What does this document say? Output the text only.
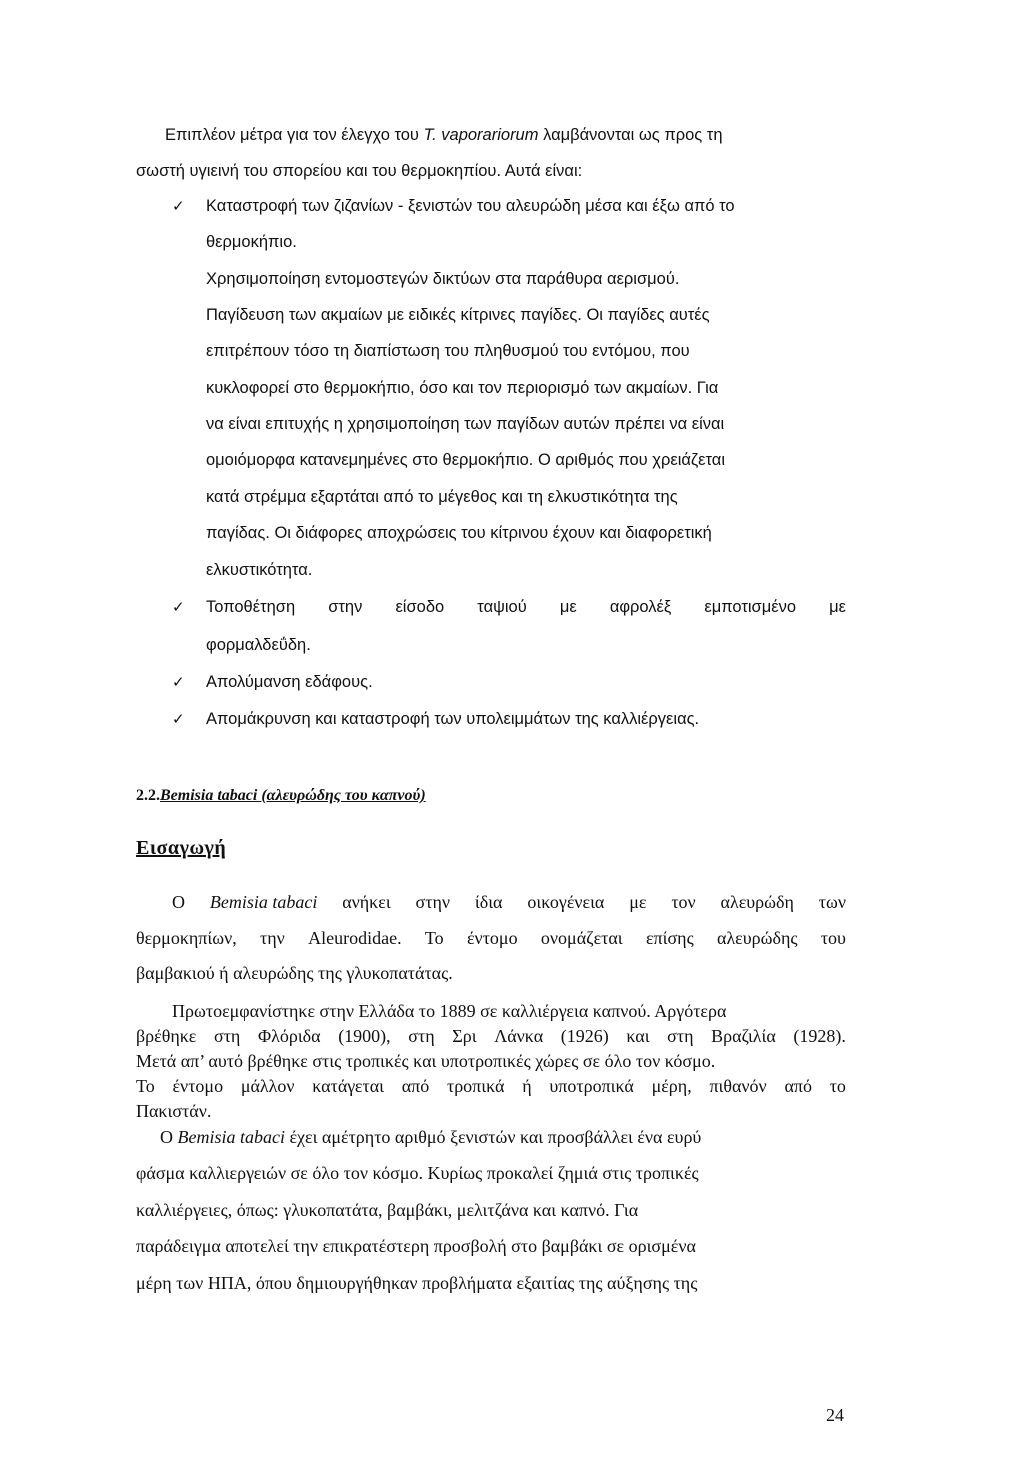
Επιπλέον μέτρα για τον έλεγχο του T. vaporariorum λαμβάνονται ως προς τη

σωστή υγιεινή του σπορείου και του θερμοκηπίου. Αυτά είναι:

✓ Καταστροφή των ζιζανίων - ξενιστών του αλευρώδη μέσα και έξω από το

θερμοκήπιο.

Χρησιμοποίηση εντομοστεγών δικτύων στα παράθυρα αερισμού.

Παγίδευση των ακμαίων με ειδικές κίτρινες παγίδες. Οι παγίδες αυτές

επιτρέπουν τόσο τη διαπίστωση του πληθυσμού του εντόμου, που

κυκλοφορεί στο θερμοκήπιο, όσο και τον περιορισμό των ακμαίων. Για

να είναι επιτυχής η χρησιμοποίηση των παγίδων αυτών πρέπει να είναι

ομοιόμορφα κατανεμημένες στο θερμοκήπιο. Ο αριθμός που χρειάζεται

κατά στρέμμα εξαρτάται από το μέγεθος και τη ελκυστικότητα της

παγίδας. Οι διάφορες αποχρώσεις του κίτρινου έχουν και διαφορετική

ελκυστικότητα.

✓ Τοποθέτηση στην είσοδο ταψιού με αφρολέξ εμποτισμένο με

φορμαλδεΰδη.

✓ Απολύμανση εδάφους.

✓ Απομάκρυνση και καταστροφή των υπολειμμάτων της καλλιέργειας.

2.2.Bemisia tabaci (αλευρώδης του καπνού)

Εισαγωγή

Ο Bemisia tabaci ανήκει στην ίδια οικογένεια με τον αλευρώδη των
θερμοκηπίων, την Aleurodidae. Το έντομο ονομάζεται επίσης αλευρώδης του

βαμβακιού ή αλευρώδης της γλυκοπατάτας.

Πρωτοεμφανίστηκε στην Ελλάδα το 1889 σε καλλιέργεια καπνού. Αργότερα

βρέθηκε στη Φλόριδα (1900), στη Σρι Λάνκα (1926) και στη Βραζιλία (1928).

Μετά απ’ αυτό βρέθηκε στις τροπικές και υποτροπικές χώρες σε όλο τον κόσμο.

Το έντομο μάλλον κατάγεται από τροπικά ή υποτροπικά μέρη, πιθανόν από το

Πακιστάν.

Ο Bemisia tabaci έχει αμέτρητο αριθμό ξενιστών και προσβάλλει ένα ευρύ

φάσμα καλλιεργειών σε όλο τον κόσμο. Κυρίως προκαλεί ζημιά στις τροπικές

καλλιέργειες, όπως: γλυκοπατάτα, βαμβάκι, μελιτζάνα και καπνό. Για

παράδειγμα αποτελεί την επικρατέστερη προσβολή στο βαμβάκι σε ορισμένα

μέρη των ΗΠΑ, όπου δημιουργήθηκαν προβλήματα εξαιτίας της αύξησης της

24
